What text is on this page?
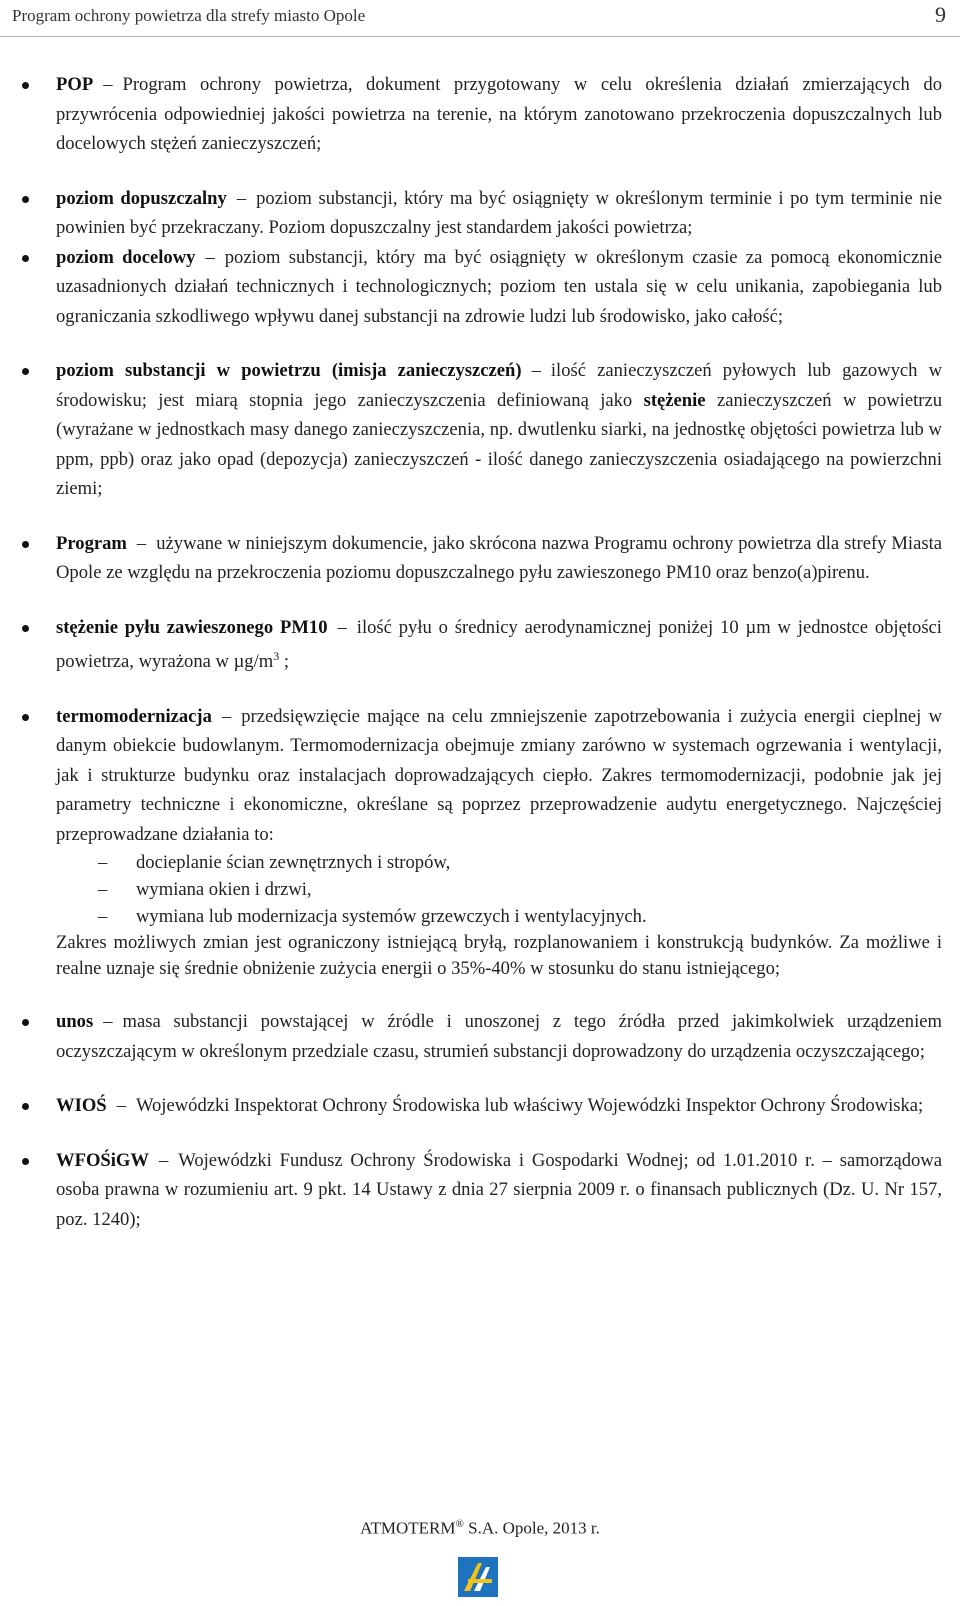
Program ochrony powietrza dla strefy miasto Opole	9
POP – Program ochrony powietrza, dokument przygotowany w celu określenia działań zmierzających do przywrócenia odpowiedniej jakości powietrza na terenie, na którym zanotowano przekroczenia dopuszczalnych lub docelowych stężeń zanieczyszczeń;
poziom dopuszczalny – poziom substancji, który ma być osiągnięty w określonym terminie i po tym terminie nie powinien być przekraczany. Poziom dopuszczalny jest standardem jakości powietrza;
poziom docelowy – poziom substancji, który ma być osiągnięty w określonym czasie za pomocą ekonomicznie uzasadnionych działań technicznych i technologicznych; poziom ten ustala się w celu unikania, zapobiegania lub ograniczania szkodliwego wpływu danej substancji na zdrowie ludzi lub środowisko, jako całość;
poziom substancji w powietrzu (imisja zanieczyszczeń) – ilość zanieczyszczeń pyłowych lub gazowych w środowisku; jest miarą stopnia jego zanieczyszczenia definiowaną jako stężenie zanieczyszczeń w powietrzu (wyrażane w jednostkach masy danego zanieczyszczenia, np. dwutlenku siarki, na jednostkę objętości powietrza lub w ppm, ppb) oraz jako opad (depozycja) zanieczyszczeń - ilość danego zanieczyszczenia osiadającego na powierzchni ziemi;
Program – używane w niniejszym dokumencie, jako skrócona nazwa Programu ochrony powietrza dla strefy Miasta Opole ze względu na przekroczenia poziomu dopuszczalnego pyłu zawieszonego PM10 oraz benzo(a)pirenu.
stężenie pyłu zawieszonego PM10 – ilość pyłu o średnicy aerodynamicznej poniżej 10 µm w jednostce objętości powietrza, wyrażona w $\mu g/m^3$ ;
termomodernizacja – przedsięwzięcie mające na celu zmniejszenie zapotrzebowania i zużycia energii cieplnej w danym obiekcie budowlanym. Termomodernizacja obejmuje zmiany zarówno w systemach ogrzewania i wentylacji, jak i strukturze budynku oraz instalacjach doprowadzających ciepło. Zakres termomodernizacji, podobnie jak jej parametry techniczne i ekonomiczne, określane są poprzez przeprowadzenie audytu energetycznego. Najczęściej przeprowadzane działania to:
– docieplanie ścian zewnętrznych i stropów,
– wymiana okien i drzwi,
– wymiana lub modernizacja systemów grzewczych i wentylacyjnych.
Zakres możliwych zmian jest ograniczony istniejącą bryłą, rozplanowaniem i konstrukcją budynków. Za możliwe i realne uznaje się średnie obniżenie zużycia energii o 35%-40% w stosunku do stanu istniejącego;
unos – masa substancji powstającej w źródle i unoszonej z tego źródła przed jakimkolwiek urządzeniem oczyszczającym w określonym przedziale czasu, strumień substancji doprowadzony do urządzenia oczyszczającego;
WIOŚ – Wojewódzki Inspektorat Ochrony Środowiska lub właściwy Wojewódzki Inspektor Ochrony Środowiska;
WFOŚiGW – Wojewódzki Fundusz Ochrony Środowiska i Gospodarki Wodnej; od 1.01.2010 r. – samorządowa osoba prawna w rozumieniu art. 9 pkt. 14 Ustawy z dnia 27 sierpnia 2009 r. o finansach publicznych (Dz. U. Nr 157, poz. 1240);
ATMOTERM® S.A. Opole, 2013 r.
